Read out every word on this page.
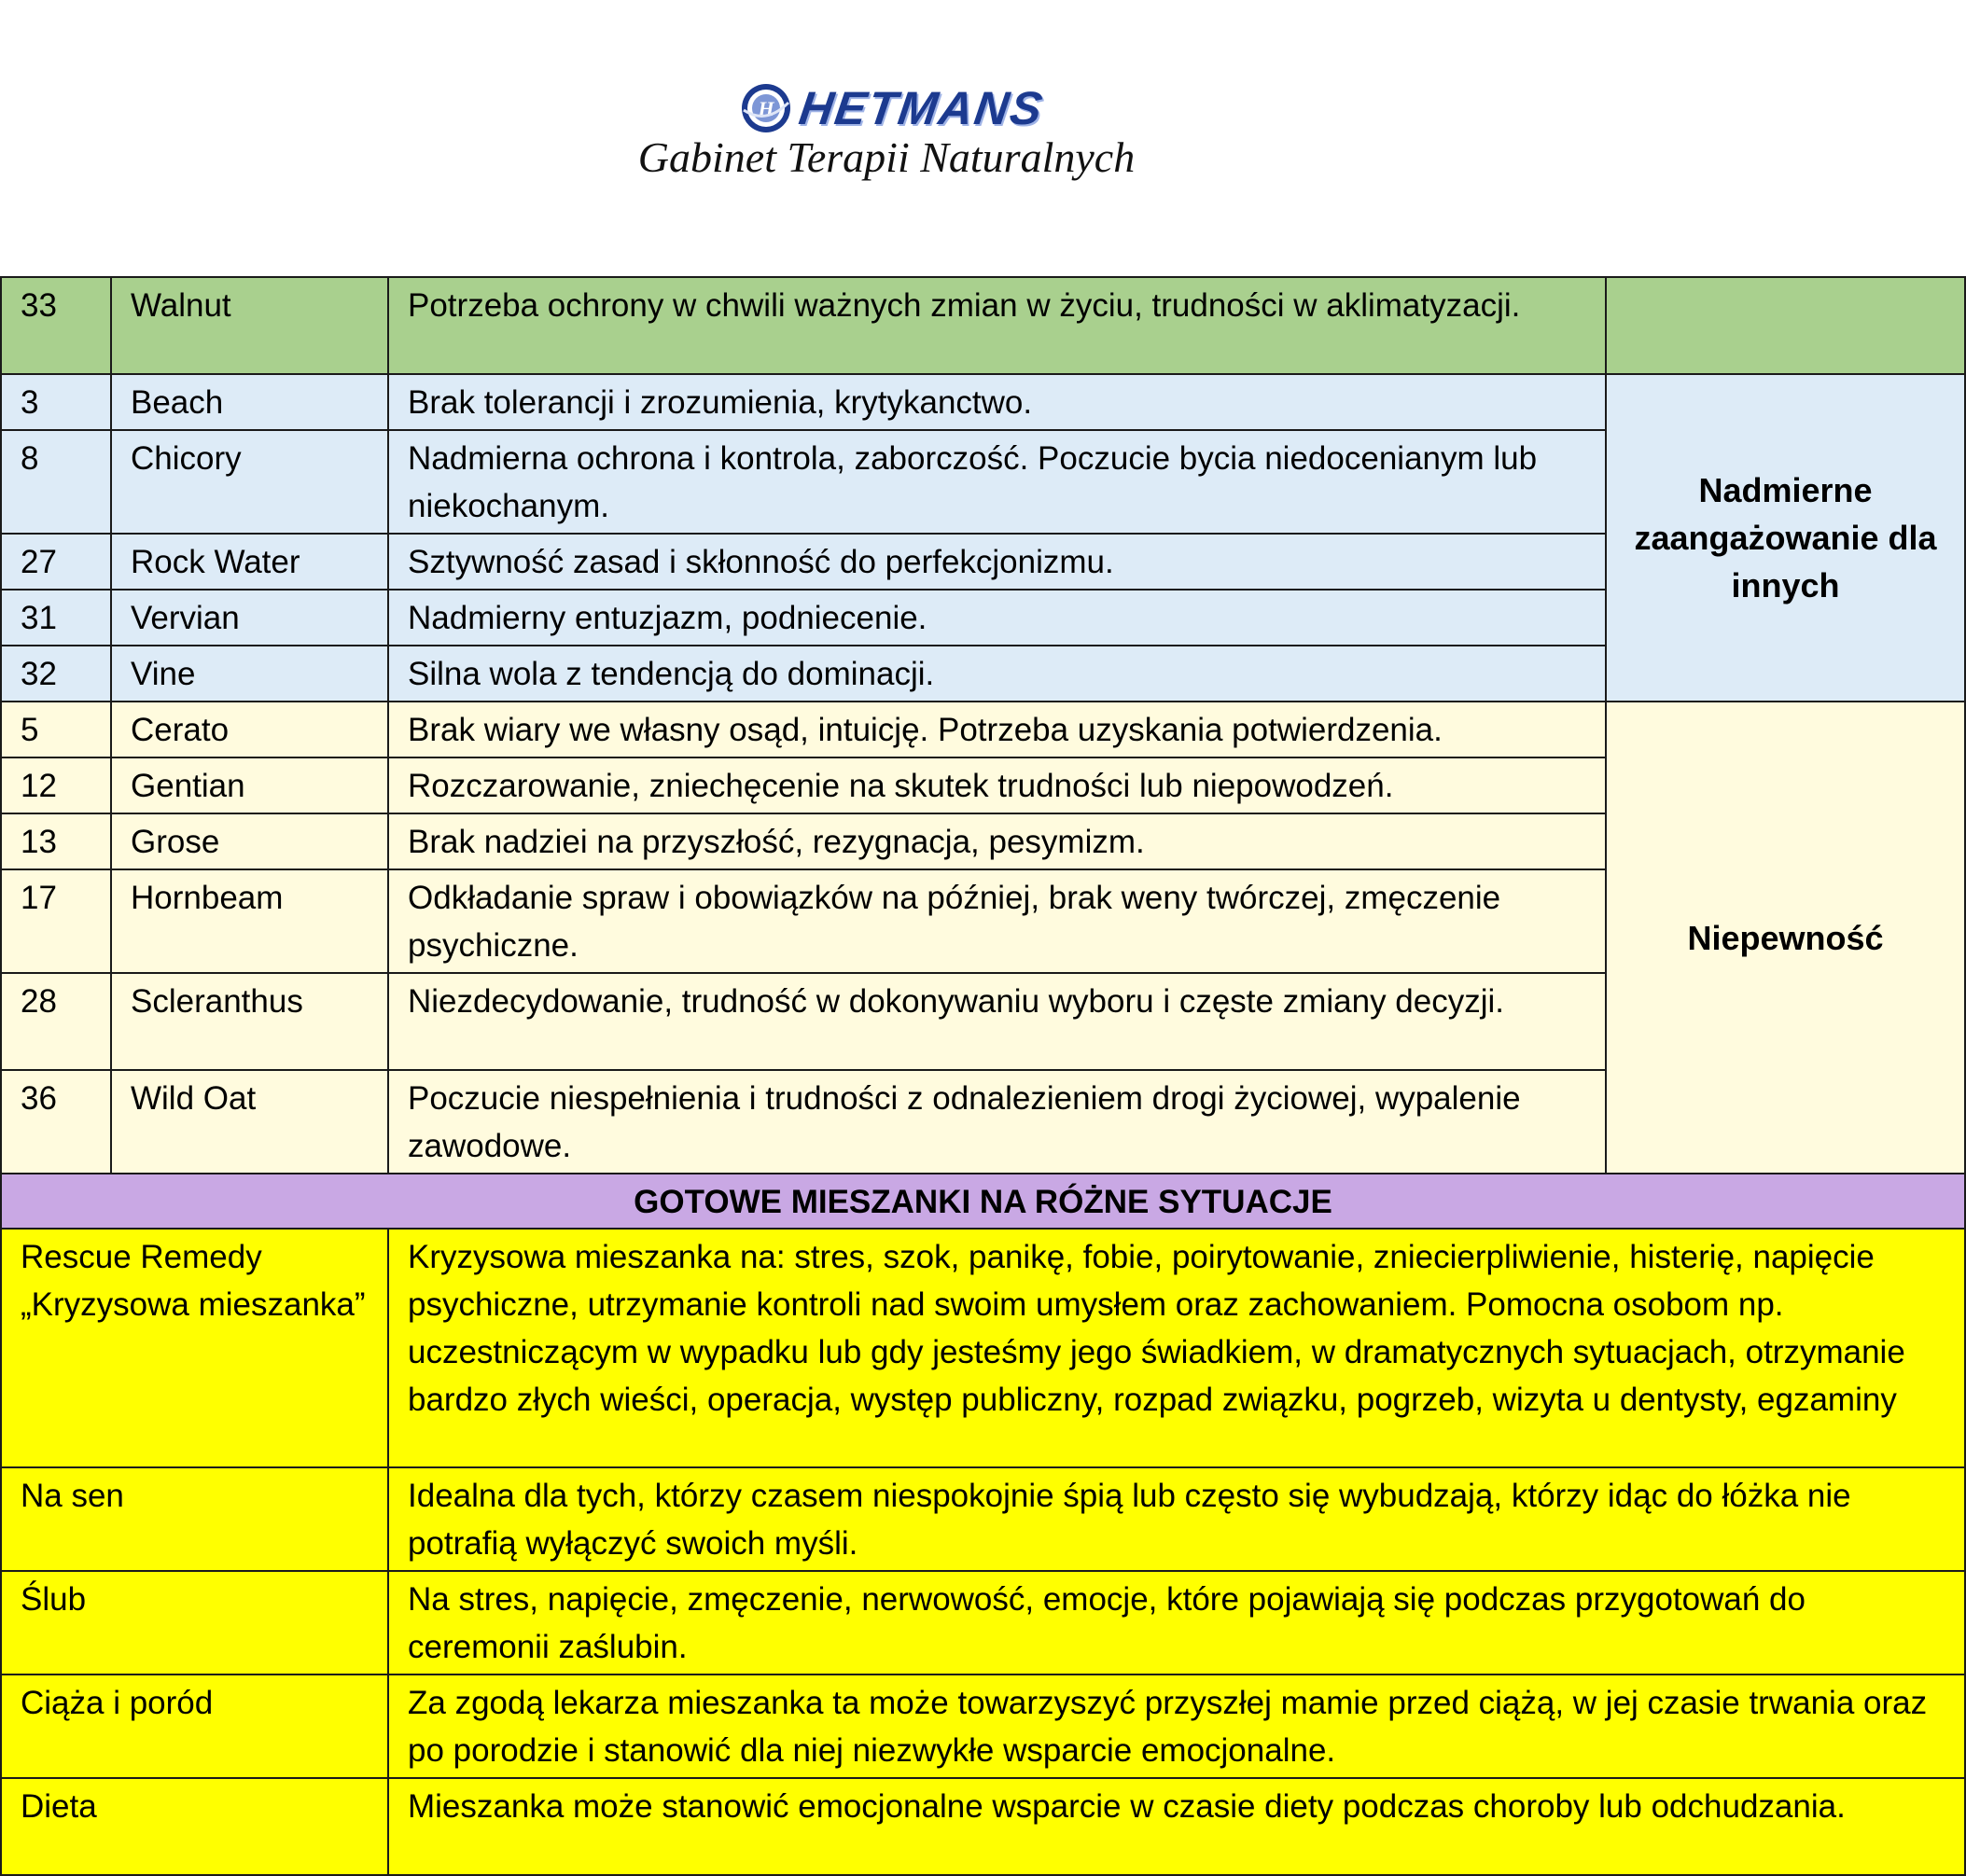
H HETMANS
Gabinet Terapii Naturalnych
33	Walnut	Potrzeba ochrony w chwili ważnych zmian w życiu, trudności w aklimatyzacji.	
3	Beach	Brak tolerancji i zrozumienia, krytykanctwo.	Nadmierne zaangażowanie dla innych
8	Chicory	Nadmierna ochrona i kontrola, zaborczość. Poczucie bycia niedocenianym lub niekochanym.	
27	Rock Water	Sztywność zasad i skłonność do perfekcjonizmu.	
31	Vervian	Nadmierny entuzjazm, podniecenie.	
32	Vine	Silna wola z tendencją do dominacji.	
5	Cerato	Brak wiary we własny osąd, intuicję. Potrzeba uzyskania potwierdzenia.	Niepewność
12	Gentian	Rozczarowanie, zniechęcenie na skutek trudności lub niepowodzeń.	
13	Grose	Brak nadziei na przyszłość, rezygnacja, pesymizm.	
17	Hornbeam	Odkładanie spraw i obowiązków na później, brak weny twórczej, zmęczenie psychiczne.	
28	Scleranthus	Niezdecydowanie, trudność w dokonywaniu wyboru i częste zmiany decyzji.	
36	Wild Oat	Poczucie niespełnienia i trudności z odnalezieniem drogi życiowej, wypalenie zawodowe.	
GOTOWE MIESZANKI NA RÓŻNE SYTUACJE			
Rescue Remedy „Kryzysowa mieszanka”		Kryzysowa mieszanka na: stres, szok, panikę, fobie, poirytowanie, zniecierpliwienie, histerię, napięcie psychiczne, utrzymanie kontroli nad swoim umysłem oraz zachowaniem. Pomocna osobom np. uczestniczącym w wypadku lub gdy jesteśmy jego świadkiem, w dramatycznych sytuacjach, otrzymanie bardzo złych wieści, operacja, występ publiczny, rozpad związku, pogrzeb, wizyta u dentysty, egzaminy	
Na sen		Idealna dla tych, którzy czasem niespokojnie śpią lub często się wybudzają, którzy idąc do łóżka nie potrafią wyłączyć swoich myśli.	
Ślub		Na stres, napięcie, zmęczenie, nerwowość, emocje, które pojawiają się podczas przygotowań do ceremonii zaślubin.	
Ciąża i poród		Za zgodą lekarza mieszanka ta może towarzyszyć przyszłej mamie przed ciążą, w jej czasie trwania oraz po porodzie i stanowić dla niej niezwykłe wsparcie emocjonalne.	
Dieta		Mieszanka może stanowić emocjonalne wsparcie w czasie diety podczas choroby lub odchudzania.	
